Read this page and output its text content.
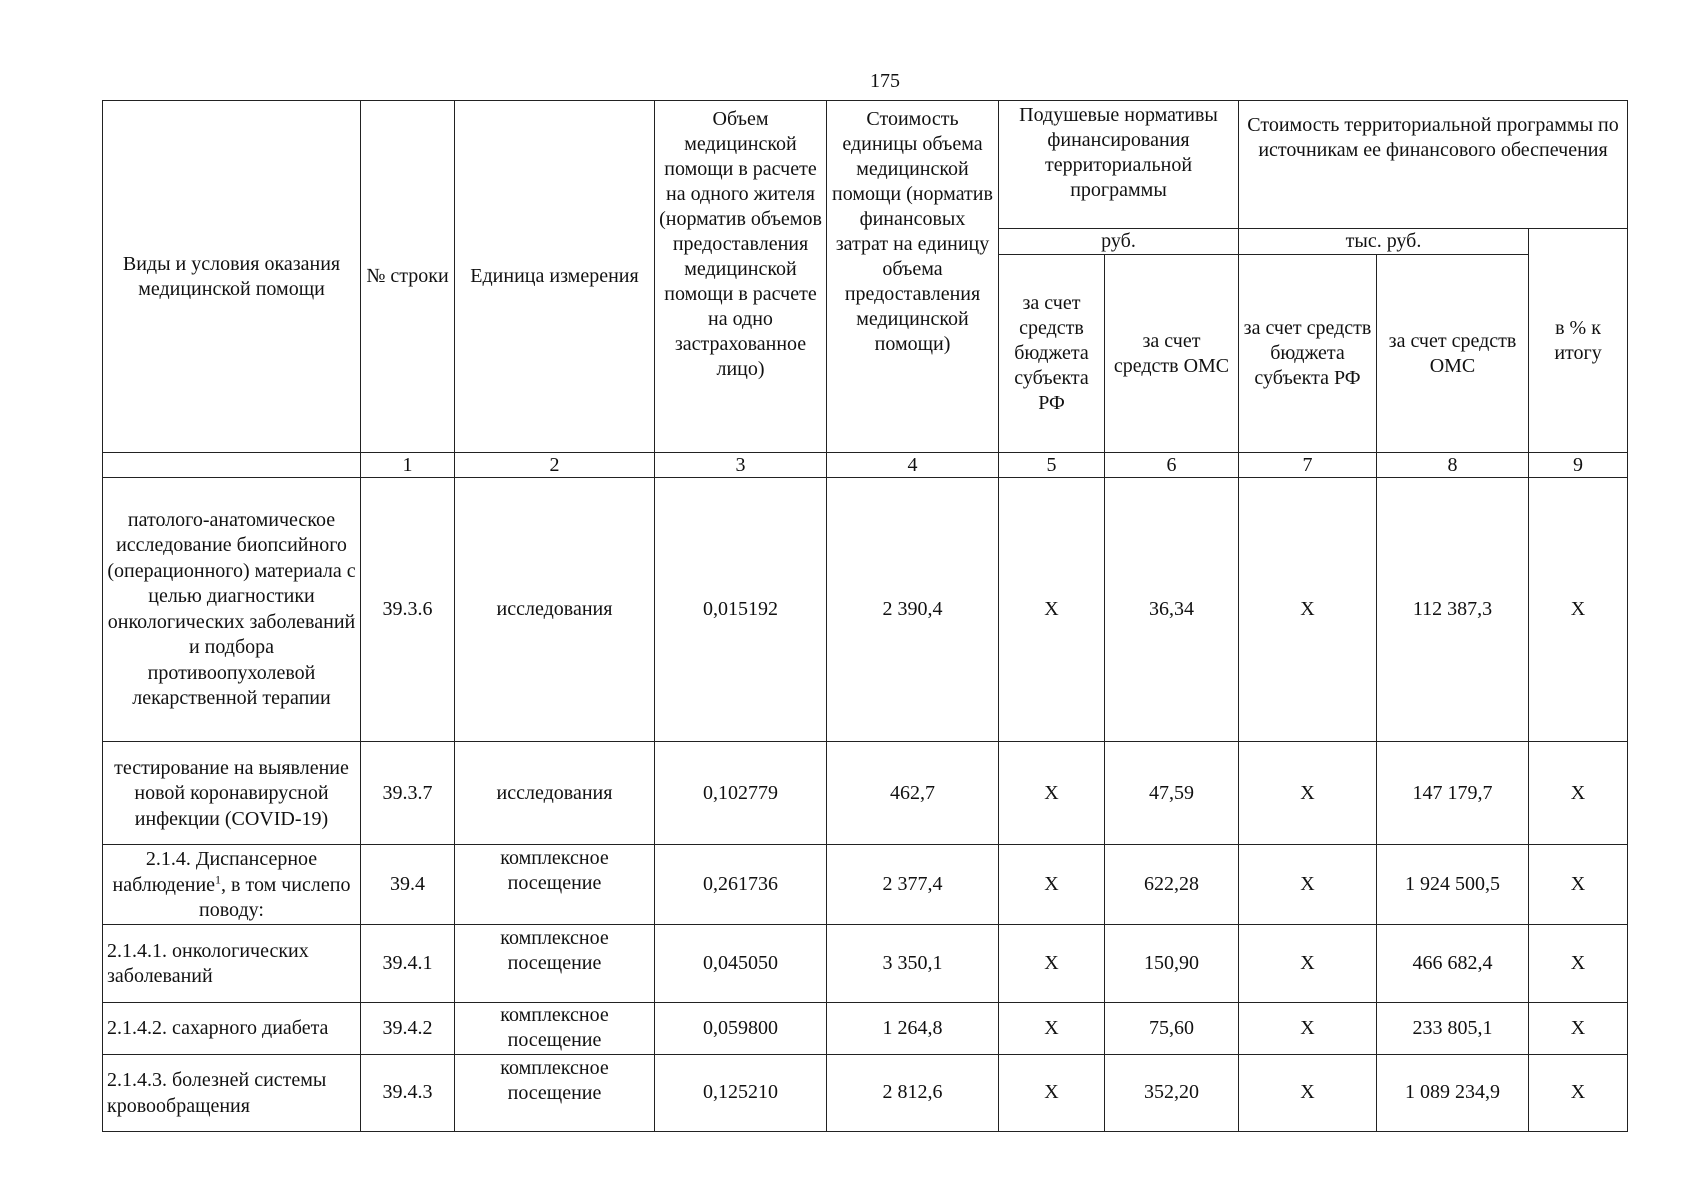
175
Виды и условия оказания медицинской помощи	№ строки	Единица измерения	Объем медицинской помощи в расчете на одного жителя (норматив объемов предоставления медицинской помощи в расчете на одно застрахованное лицо)	Стоимость единицы объема медицинской помощи (норматив финансовых затрат на единицу объема предоставления медицинской помощи)	Подушевые нормативы финансирования территориальной программы		Стоимость территориальной программы по источникам ее финансового обеспечения		
					руб.		тыс. руб.		в % к итогу
					за счет средств бюджета субъекта РФ	за счет средств ОМС	за счет средств бюджета субъекта РФ	за счет средств ОМС	
	1	2	3	4	5	6	7	8	9
патолого-анатомическое исследование биопсийного (операционного) материала с целью диагностики онкологических заболеваний и подбора противоопухолевой лекарственной терапии	39.3.6	исследования	0,015192	2 390,4	Х	36,34	Х	112 387,3	Х
тестирование на выявление новой коронавирусной инфекции (COVID-19)	39.3.7	исследования	0,102779	462,7	Х	47,59	Х	147 179,7	Х
2.1.4. Диспансерное наблюдение$^1$, в том числепо поводу:	39.4	комплексное посещение	0,261736	2 377,4	Х	622,28	Х	1 924 500,5	Х
2.1.4.1. онкологических заболеваний	39.4.1	комплексное посещение	0,045050	3 350,1	Х	150,90	Х	466 682,4	Х
2.1.4.2. сахарного диабета	39.4.2	комплексное посещение	0,059800	1 264,8	Х	75,60	Х	233 805,1	Х
2.1.4.3. болезней системы кровообращения	39.4.3	комплексное посещение	0,125210	2 812,6	Х	352,20	Х	1 089 234,9	Х
